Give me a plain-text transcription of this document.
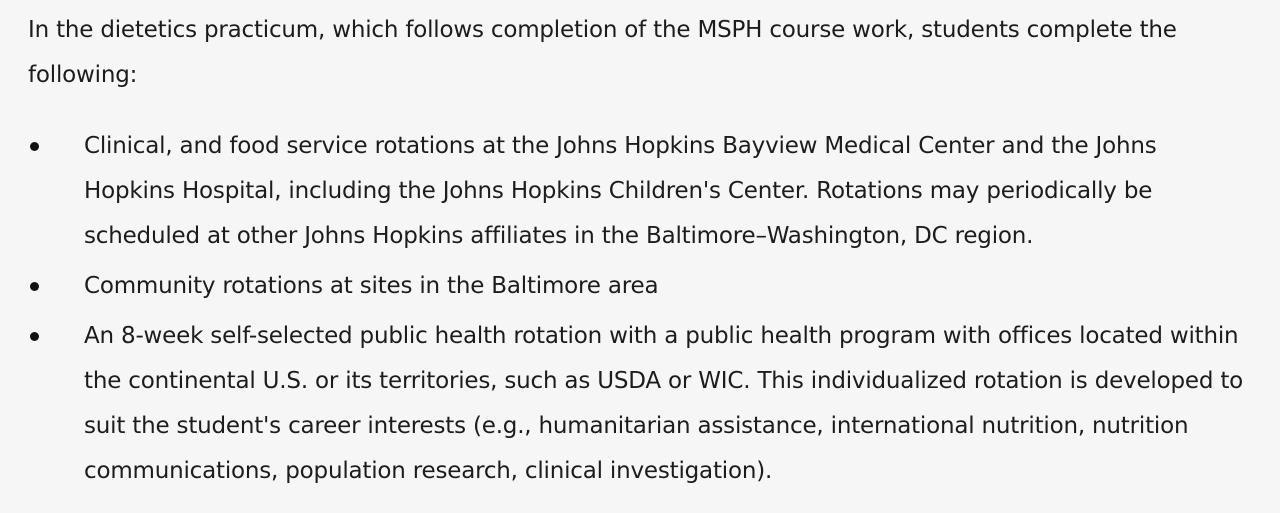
In the dietetics practicum, which follows completion of the MSPH course work, students complete the following:

Clinical, and food service rotations at the Johns Hopkins Bayview Medical Center and the Johns Hopkins Hospital, including the Johns Hopkins Children's Center. Rotations may periodically be scheduled at other Johns Hopkins affiliates in the Baltimore–Washington, DC region.
Community rotations at sites in the Baltimore area
An 8-week self-selected public health rotation with a public health program with offices located within the continental U.S. or its territories, such as USDA or WIC. This individualized rotation is developed to suit the student's career interests (e.g., humanitarian assistance, international nutrition, nutrition communications, population research, clinical investigation).
